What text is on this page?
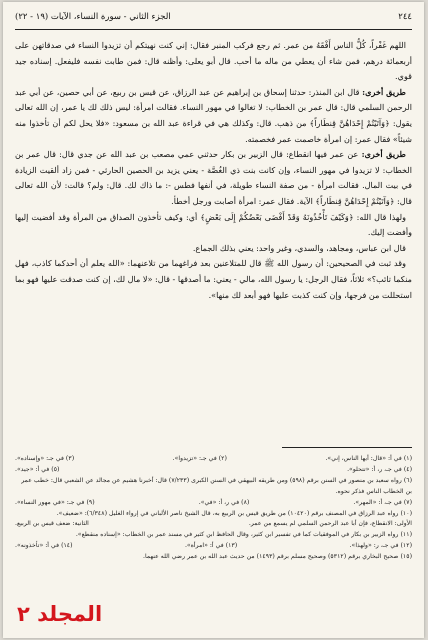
٢٤٤
الجزء الثاني - سورة النساء، الآيات (١٩ - ٢٢)

اللهم غَفْراً، كُلُّ الناس أَفْقَهُ من عمر. ثم رجع فركب المنبر فقال: إني كنت نهيتكم أن تزيدوا النساء في صدقاتهن على أربعمائة درهم، فمن شاء أن يعطي من ماله ما أحب. قال أبو يعلى: وأظنه قال: فمن طابت نفسه فليفعل. إسناده جيد قوي.

طريق أخرى: قال ابن المنذر: حدثنا إسحاق بن إبراهيم عن عبد الرزاق، عن قيس بن ربيع، عن أبي حصين، عن أبي عبد الرحمن السلمي قال: قال عمر بن الخطاب: لا تغالوا في مهور النساء. فقالت امرأة: ليس ذلك لك يا عمر، إن الله تعالى يقول: ﴿وَآتَيْتُمْ إِحْدَاهُنَّ قِنطَاراً﴾ من ذهب. قال: وكذلك هي في قراءة عبد الله بن مسعود: «فلا يحل لكم أن تأخذوا منه شيئاً» فقال عمر: إن امرأة خاصمت عمر فخصمته.

طريق أخرى: عن عمر فيها انقطاع: قال الزبير بن بكار حدثني عمي مصعب بن عبد الله عن جدي قال: قال عمر بن الخطاب: لا تزيدوا في مهور النساء، وإن كانت بنت ذي الغُصَّة - يعني يزيد بن الحصين الحارثي - فمن زاد ألقيت الزيادة في بيت المال. فقالت امرأة - من صفة النساء طويلة، في أنفها فطس -: ما ذاك لك. قال: ولم؟ قالت: لأن الله تعالى قال: ﴿وَآتَيْتُمْ إِحْدَاهُنَّ قِنطَاراً﴾ الآية. فقال عمر: امرأة أصابت ورجل أخطأ.

ولهذا قال الله: ﴿وَكَيْفَ تَأْخُذُونَهُ وَقَدْ أَفْضَى بَعْضُكُمْ إِلَى بَعْضٍ﴾ أي: وكيف تأخذون الصداق من المرأة وقد أفضيت إليها وأفضت إليك.

قال ابن عباس، ومجاهد، والسدي، وغير واحد: يعني بذلك الجماع.

وقد ثبت في الصحيحين: أن رسول الله ﷺ قال للمتلاعنين بعد فراغهما من تلاعنهما: «الله يعلم أن أحدكما كاذب، فهل منكما تائب؟» ثلاثاً، فقال الرجل: يا رسول الله، مالي - يعني: ما أصدقها - قال: «لا مال لك، إن كنت صدقت عليها فهو بما استحللت من فرجها، وإن كنت كذبت عليها فهو أبعد لك منها».

(١) في أ: «قال: أيها الناس، إني».
(٢) في جـ: «تزيدوا».
(٣) في جـ: «وإسناده».
(٤) في جـ، ر، أ: «تتحلو».
(٥) في أ: «جيد».
(٦) رواه سعيد بن منصور في السنن برقم (٥٩٨) ومن طريقه البيهقي في السنن الكبرى (٧/٢٣٣) قال: أخبرنا هشيم عن مجالد عن الشعبي قال: خطب عمر بن الخطاب الناس فذكر نحوه.
(٧) في جـ، أ: «المهر».
(٨) في ر، أ: «في».
(٩) في جـ: «في مهور النساء».
(١٠) رواه عبد الرزاق في المصنف برقم (١٠٤٢٠) من طريق قيس بن الربيع به، قال الشيخ ناصر الألباني في إرواء الغليل (٦/٣٤٨): «ضعيف».
الأولى: الانقطاع، فإن أبا عبد الرحمن السلمي لم يسمع من عمر.
الثانية: ضعف قيس بن الربيع.
(١١) رواه الزبير بن بكار في الموفقيات كما في تفسير ابن كثير، وقال الحافظ ابن كثير في مسند عمر بن الخطاب: «إسناده منقطع».
(١٢) في جـ، ر: «ولهذا».
(١٣) في أ: «امرأة».
(١٤) في أ: «تأخذونه».
(١٥) صحيح البخاري برقم (٥٣١٢) وصحيح مسلم برقم (١٤٩٣) من حديث عبد الله بن عمر رضي الله عنهما.
المجلد ٢
